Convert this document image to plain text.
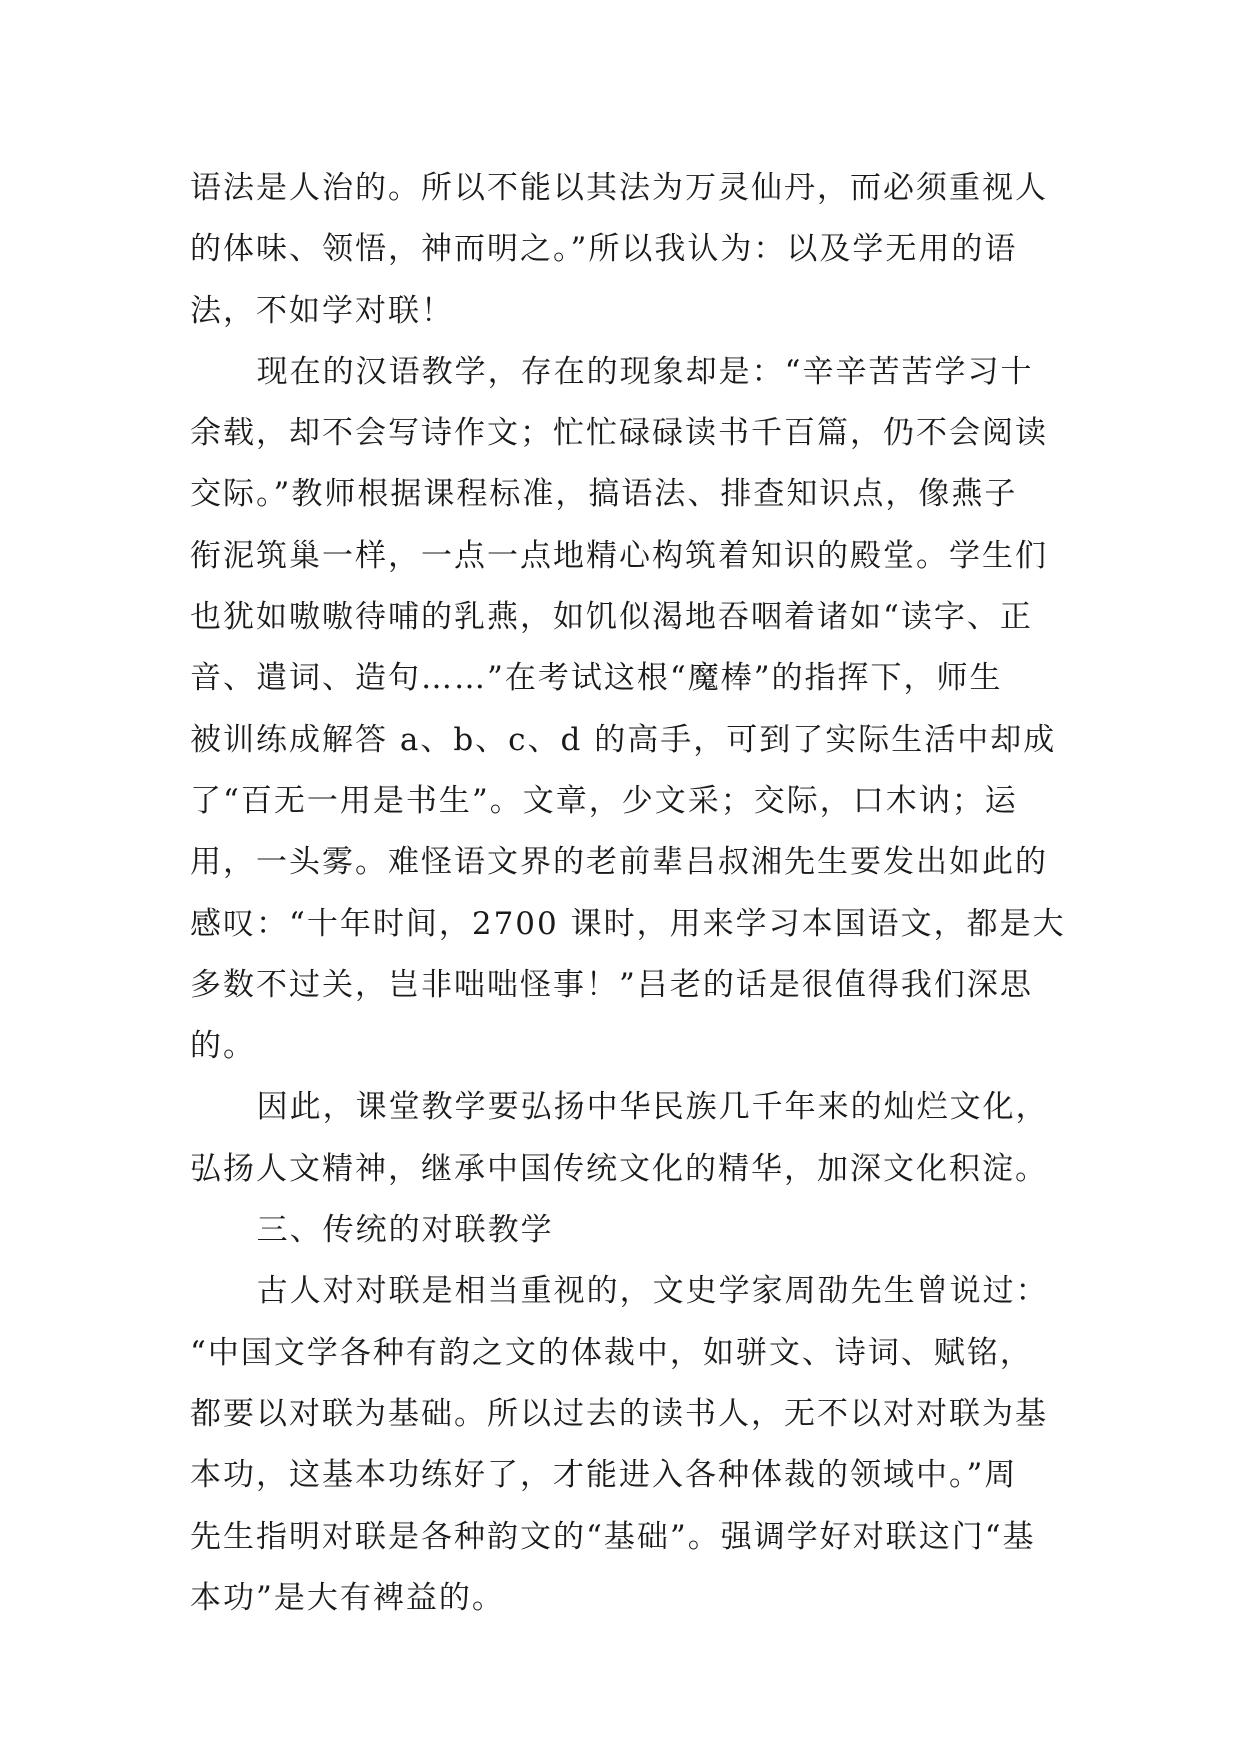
语法是人治的。所以不能以其法为万灵仙丹，而必须重视人
的体味、领悟，神而明之。”所以我认为：以及学无用的语
法，不如学对联！
现在的汉语教学，存在的现象却是：“辛辛苦苦学习十
余载，却不会写诗作文；忙忙碌碌读书千百篇，仍不会阅读
交际。”教师根据课程标准，搞语法、排查知识点，像燕子
衔泥筑巢一样，一点一点地精心构筑着知识的殿堂。学生们
也犹如嗷嗷待哺的乳燕，如饥似渴地吞咽着诸如“读字、正
音、遣词、造句……”在考试这根“魔棒”的指挥下，师生
被训练成解答 a、b、c、d 的高手，可到了实际生活中却成
了“百无一用是书生”。文章，少文采；交际，口木讷；运
用，一头雾。难怪语文界的老前辈吕叔湘先生要发出如此的
感叹：“十年时间，2700 课时，用来学习本国语文，都是大
多数不过关，岂非咄咄怪事！”吕老的话是很值得我们深思
的。
因此，课堂教学要弘扬中华民族几千年来的灿烂文化，
弘扬人文精神，继承中国传统文化的精华，加深文化积淀。
三、传统的对联教学
古人对对联是相当重视的，文史学家周劭先生曾说过：
“中国文学各种有韵之文的体裁中，如骈文、诗词、赋铭，
都要以对联为基础。所以过去的读书人，无不以对对联为基
本功，这基本功练好了，才能进入各种体裁的领域中。”周
先生指明对联是各种韵文的“基础”。强调学好对联这门“基
本功”是大有裨益的。
